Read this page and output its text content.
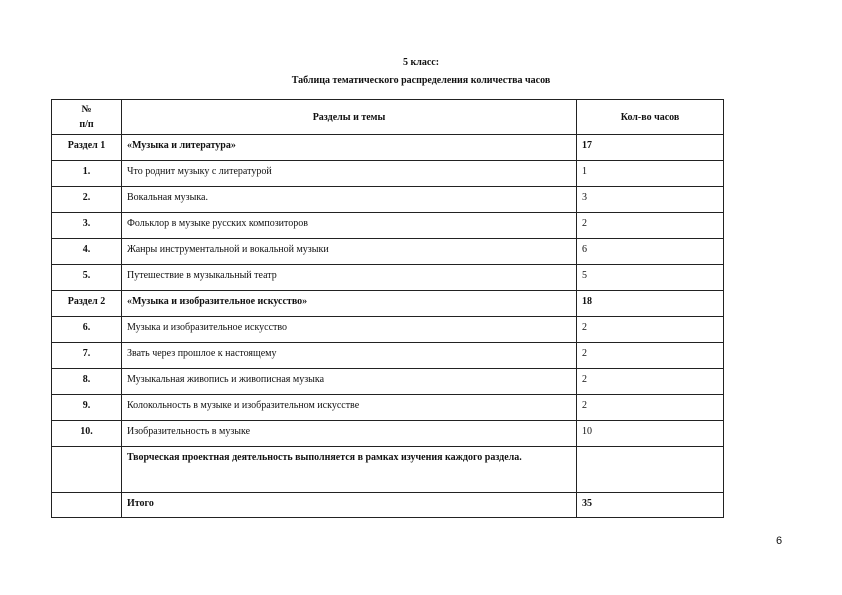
5 класс:
Таблица тематического распределения количества часов
№
п/п	Разделы и темы	Кол-во часов
Раздел 1	«Музыка и литература»	17
1.	Что роднит музыку с литературой	1
2.	Вокальная музыка.	3
3.	Фольклор в музыке русских композиторов	2
4.	Жанры инструментальной и вокальной музыки	6
5.	Путешествие в музыкальный театр	5
Раздел 2	«Музыка и изобразительное искусство»	18
6.	Музыка и изобразительное искусство	2
7.	Звать через прошлое к настоящему	2
8.	Музыкальная живопись и живописная музыка	2
9.	Колокольность в музыке и изобразительном искусстве	2
10.	Изобразительность в музыке	10
	Творческая проектная деятельность выполняется в рамках изучения каждого раздела.	
	Итого	35
6
